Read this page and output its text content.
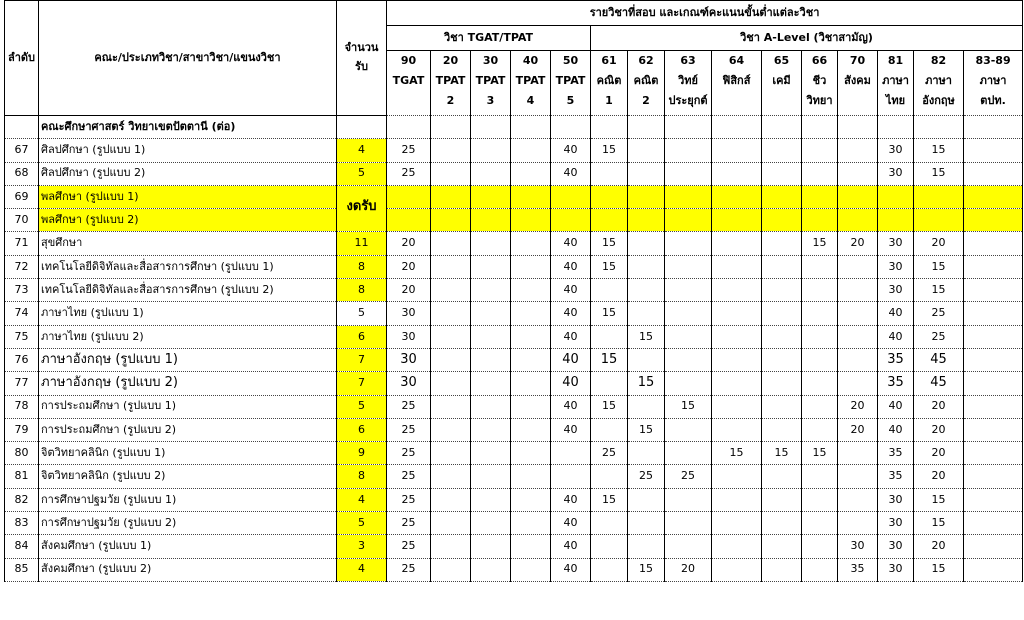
ลำดับ	คณะ/ประเภทวิชา/สาขาวิชา/แขนงวิชา	จำนวน
รับ	รายวิชาที่สอบ และเกณฑ์คะแนนขั้นต่ำแต่ละวิชา														
			วิชา TGAT/TPAT					วิชา A-Level (วิชาสามัญ)									
			90	20	30	40	50	61	62	63	64	65	66	70	81	82	83-89
			TGAT	TPAT	TPAT	TPAT	TPAT	คณิต	คณิต	วิทย์	ฟิสิกส์	เคมี	ชีว	สังคม	ภาษา	ภาษา	ภาษา
				2	3	4	5	1	2	ประยุกต์			วิทยา		ไทย	อังกฤษ	ตปท.

	คณะศึกษาศาสตร์ วิทยาเขตปัตตานี (ต่อ)																
67	ศิลปศึกษา (รูปแบบ 1)	4	25				40	15							30	15	
68	ศิลปศึกษา (รูปแบบ 2)	5	25				40								30	15	
69	พลศึกษา (รูปแบบ 1)	งดรับ															
70	พลศึกษา (รูปแบบ 2)																
71	สุขศึกษา	11	20				40	15					15	20	30	20	
72	เทคโนโลยีดิจิทัลและสื่อสารการศึกษา (รูปแบบ 1)	8	20				40	15							30	15	
73	เทคโนโลยีดิจิทัลและสื่อสารการศึกษา (รูปแบบ 2)	8	20				40								30	15	
74	ภาษาไทย (รูปแบบ 1)	5	30				40	15							40	25	
75	ภาษาไทย (รูปแบบ 2)	6	30				40		15						40	25	
76	ภาษาอังกฤษ (รูปแบบ 1)	7	30				40	15							35	45	
77	ภาษาอังกฤษ (รูปแบบ 2)	7	30				40		15						35	45	
78	การประถมศึกษา (รูปแบบ 1)	5	25				40	15		15				20	40	20	
79	การประถมศึกษา (รูปแบบ 2)	6	25				40		15					20	40	20	
80	จิตวิทยาคลินิก (รูปแบบ 1)	9	25					25			15	15	15		35	20	
81	จิตวิทยาคลินิก (รูปแบบ 2)	8	25						25	25					35	20	
82	การศึกษาปฐมวัย (รูปแบบ 1)	4	25				40	15							30	15	
83	การศึกษาปฐมวัย (รูปแบบ 2)	5	25				40								30	15	
84	สังคมศึกษา (รูปแบบ 1)	3	25				40							30	30	20	
85	สังคมศึกษา (รูปแบบ 2)	4	25				40		15	20				35	30	15	
